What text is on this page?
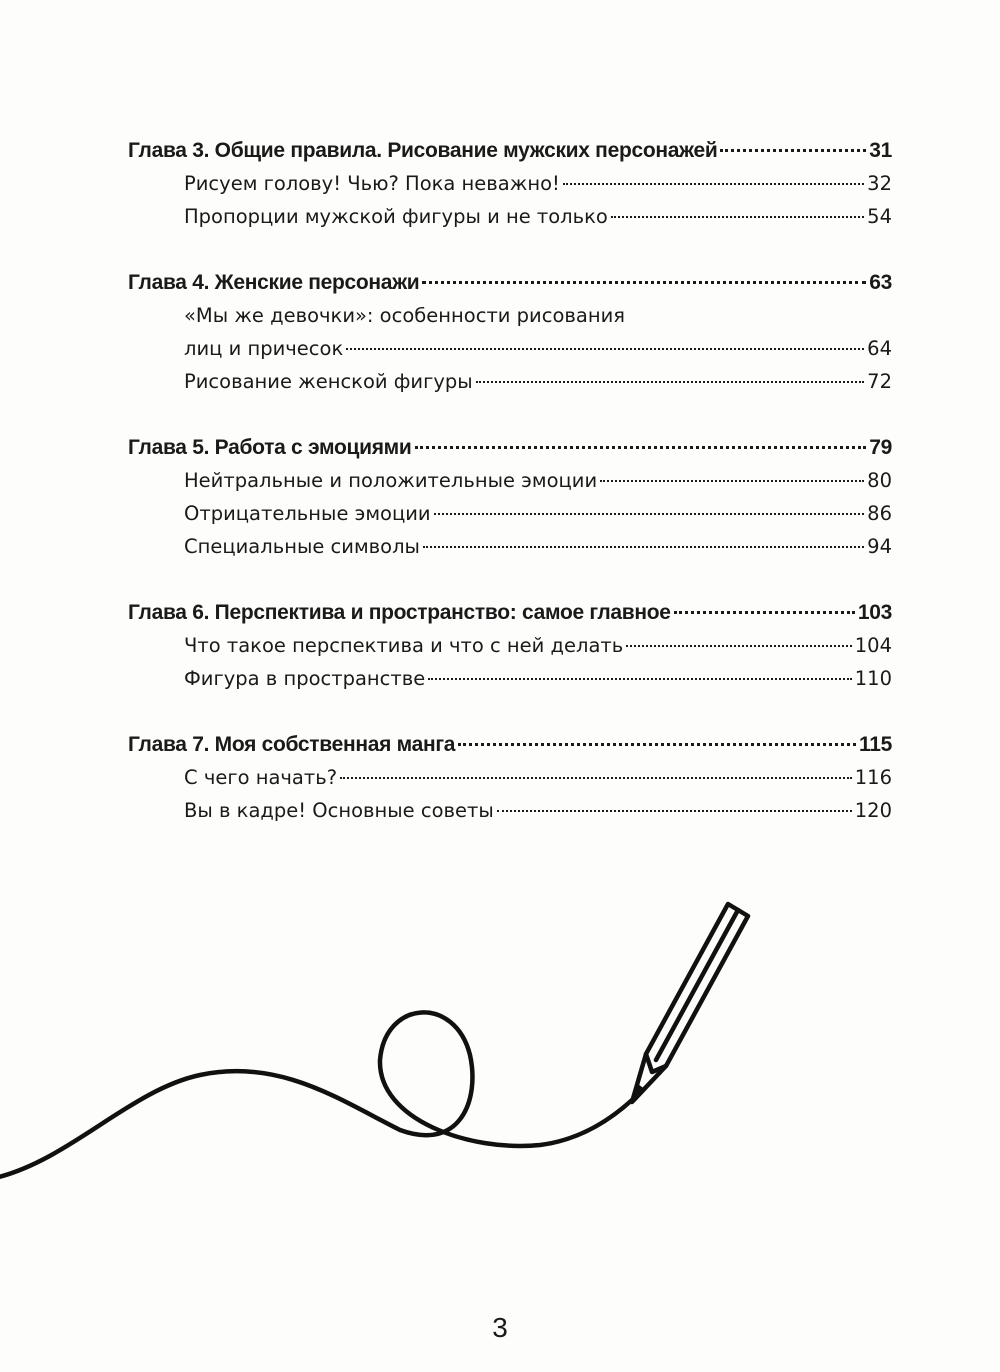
Глава 3. Общие правила. Рисование мужских персонажей	31
Рисуем голову! Чью? Пока неважно!	32
Пропорции мужской фигуры и не только	54
Глава 4. Женские персонажи	63
«Мы же девочки»: особенности рисования
лиц и причесок	64
Рисование женской фигуры	72
Глава 5. Работа с эмоциями	79
Нейтральные и положительные эмоции	80
Отрицательные эмоции	86
Специальные символы	94
Глава 6. Перспектива и пространство: самое главное	103
Что такое перспектива и что с ней делать	104
Фигура в пространстве	110
Глава 7. Моя собственная манга	115
С чего начать?	116
Вы в кадре! Основные советы	120
3
